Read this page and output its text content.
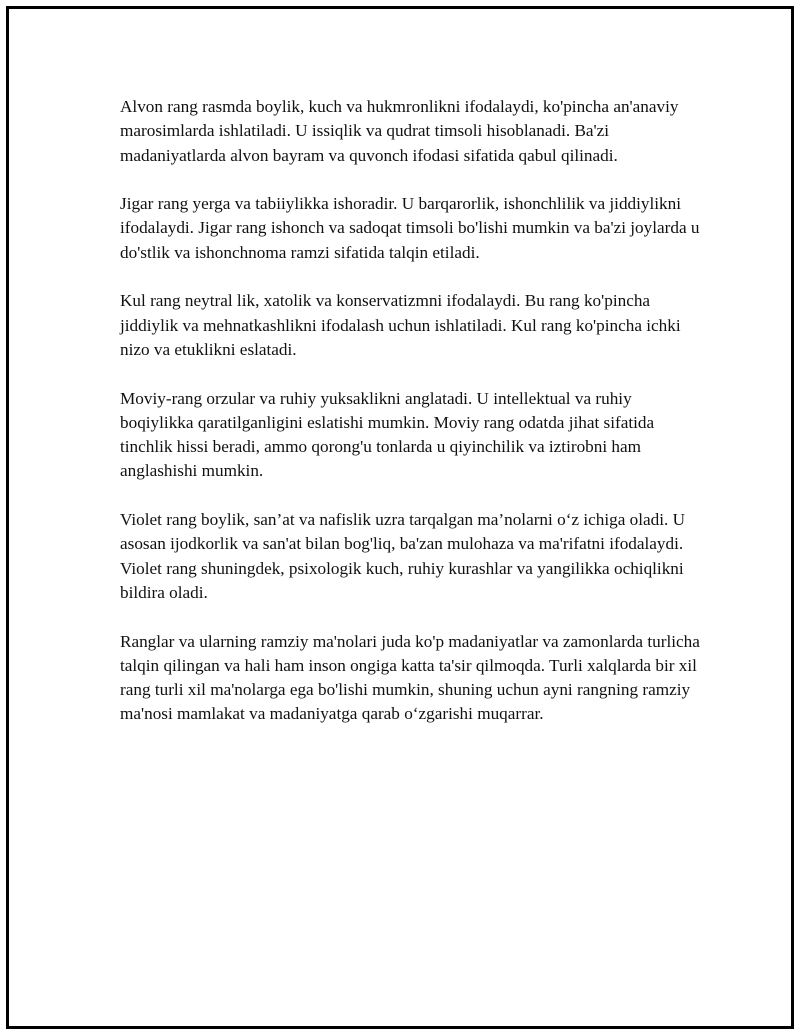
Alvon rang rasmda boylik, kuch va hukmronlikni ifodalaydi, ko'pincha an'anaviy marosimlarda ishlatiladi. U issiqlik va qudrat timsoli hisoblanadi. Ba'zi madaniyatlarda alvon bayram va quvonch ifodasi sifatida qabul qilinadi.

Jigar rang yerga va tabiiylikka ishoradir. U barqarorlik, ishonchlilik va jiddiylikni ifodalaydi. Jigar rang ishonch va sadoqat timsoli bo'lishi mumkin va ba'zi joylarda u do'stlik va ishonchnoma ramzi sifatida talqin etiladi.

Kul rang neytral lik, xatolik va konservatizmni ifodalaydi. Bu rang ko'pincha jiddiylik va mehnatkashlikni ifodalash uchun ishlatiladi. Kul rang ko'pincha ichki nizo va etuklikni eslatadi.

Moviy-rang orzular va ruhiy yuksaklikni anglatadi. U intellektual va ruhiy boqiylikka qaratilganligini eslatishi mumkin. Moviy rang odatda jihat sifatida tinchlik hissi beradi, ammo qorong'u tonlarda u qiyinchilik va iztirobni ham anglashishi mumkin.

Violet rang boylik, san’at va nafislik uzra tarqalgan ma’nolarni o‘z ichiga oladi. U asosan ijodkorlik va san'at bilan bog'liq, ba'zan mulohaza va ma'rifatni ifodalaydi. Violet rang shuningdek, psixologik kuch, ruhiy kurashlar va yangilikka ochiqlikni bildira oladi.

Ranglar va ularning ramziy ma'nolari juda ko'p madaniyatlar va zamonlarda turlicha talqin qilingan va hali ham inson ongiga katta ta'sir qilmoqda. Turli xalqlarda bir xil rang turli xil ma'nolarga ega bo'lishi mumkin, shuning uchun ayni rangning ramziy ma'nosi mamlakat va madaniyatga qarab o‘zgarishi muqarrar.
